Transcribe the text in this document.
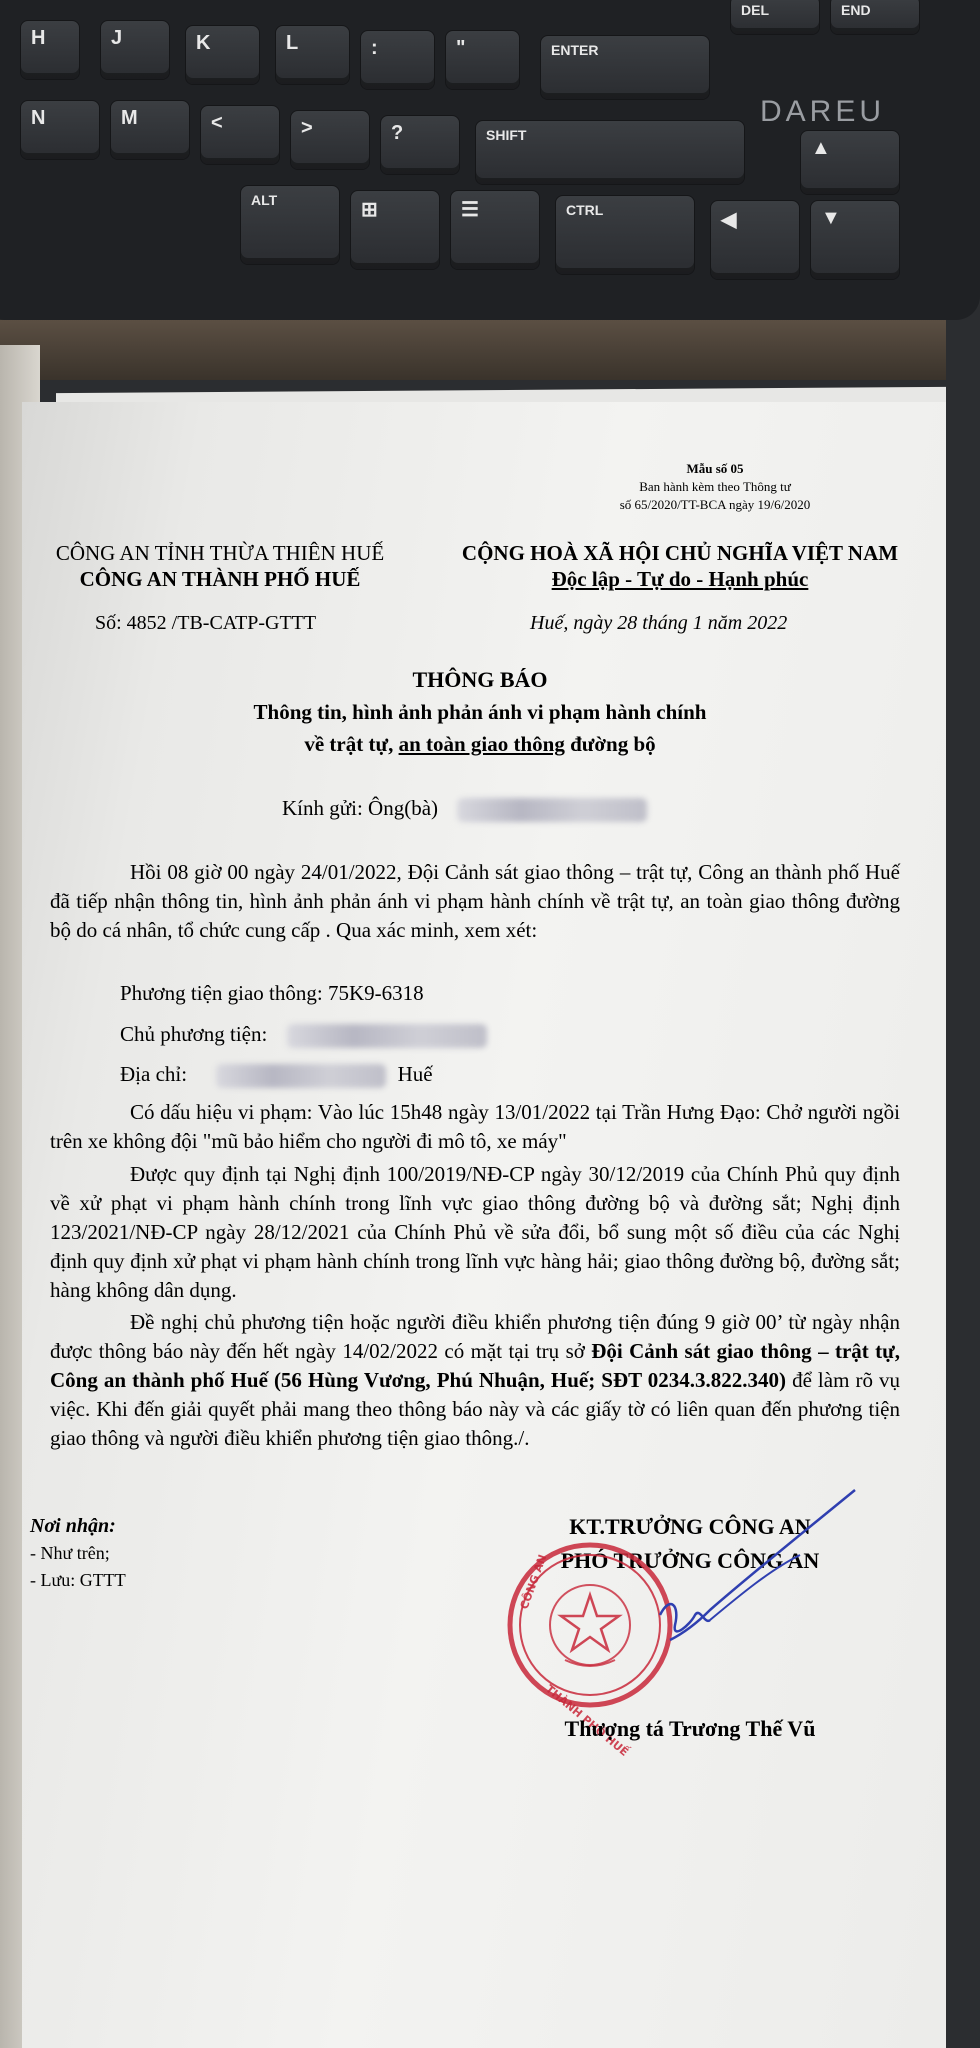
H	J	K	L	:	"	ENTER
N	M	<	>	?	SHIFT
ALT	⊞	☰	CTRL	◀	▼
▲
DEL	END
DAREU
Mẫu số 05
Ban hành kèm theo Thông tư
số 65/2020/TT-BCA ngày 19/6/2020
CÔNG AN TỈNH THỪA THIÊN HUẾ
CÔNG AN THÀNH PHỐ HUẾ
CỘNG HOÀ XÃ HỘI CHỦ NGHĨA VIỆT NAM
Độc lập - Tự do - Hạnh phúc
Số: 4852 /TB-CATP-GTTT	Huế, ngày 28 tháng 1 năm 2022
THÔNG BÁO
Thông tin, hình ảnh phản ánh vi phạm hành chính
về trật tự, an toàn giao thông đường bộ
Kính gửi: Ông(bà)
Hồi 08 giờ 00 ngày 24/01/2022, Đội Cảnh sát giao thông – trật tự, Công an thành phố Huế đã tiếp nhận thông tin, hình ảnh phản ánh vi phạm hành chính về trật tự, an toàn giao thông đường bộ do cá nhân, tổ chức cung cấp . Qua xác minh, xem xét:
Phương tiện giao thông: 75K9-6318
Chủ phương tiện:
Địa chỉ:	Huế
Có dấu hiệu vi phạm: Vào lúc 15h48 ngày 13/01/2022 tại Trần Hưng Đạo: Chở người ngồi trên xe không đội "mũ bảo hiểm cho người đi mô tô, xe máy"
Được quy định tại Nghị định 100/2019/NĐ-CP ngày 30/12/2019 của Chính Phủ quy định về xử phạt vi phạm hành chính trong lĩnh vực giao thông đường bộ và đường sắt; Nghị định 123/2021/NĐ-CP ngày 28/12/2021 của Chính Phủ về sửa đổi, bổ sung một số điều của các Nghị định quy định xử phạt vi phạm hành chính trong lĩnh vực hàng hải; giao thông đường bộ, đường sắt; hàng không dân dụng.
Đề nghị chủ phương tiện hoặc người điều khiển phương tiện đúng 9 giờ 00’ từ ngày nhận được thông báo này đến hết ngày 14/02/2022 có mặt tại trụ sở Đội Cảnh sát giao thông – trật tự, Công an thành phố Huế (56 Hùng Vương, Phú Nhuận, Huế; SĐT 0234.3.822.340) để làm rõ vụ việc. Khi đến giải quyết phải mang theo thông báo này và các giấy tờ có liên quan đến phương tiện giao thông và người điều khiển phương tiện giao thông./.
Nơi nhận:
- Như trên;
- Lưu: GTTT
KT.TRƯỞNG CÔNG AN
PHÓ TRƯỞNG CÔNG AN
CÔNG AN
THÀNH PHỐ HUẾ
Thượng tá Trương Thế Vũ
